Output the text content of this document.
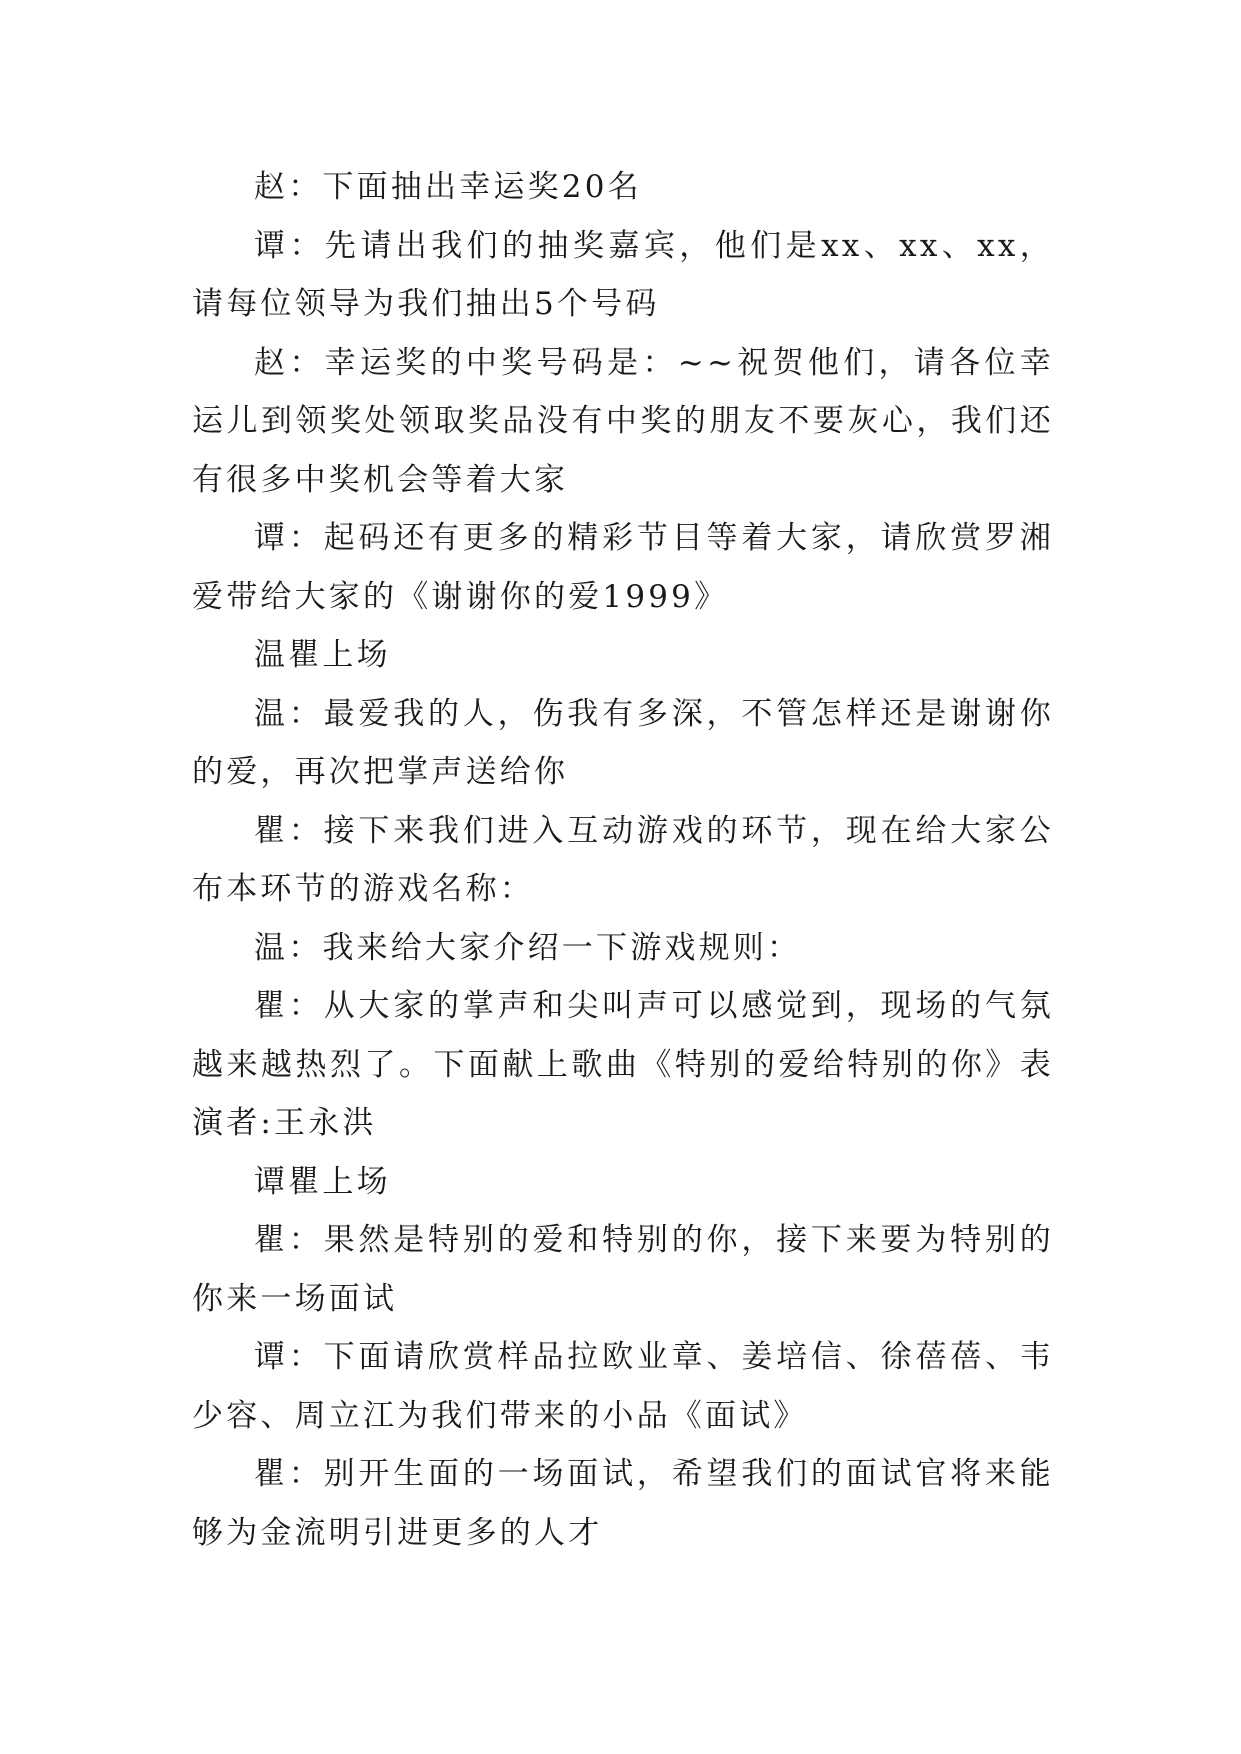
赵：下面抽出幸运奖20名

谭：先请出我们的抽奖嘉宾，他们是xx、xx、xx，请每位领导为我们抽出5个号码

赵：幸运奖的中奖号码是：~~祝贺他们，请各位幸运儿到领奖处领取奖品没有中奖的朋友不要灰心，我们还有很多中奖机会等着大家

谭：起码还有更多的精彩节目等着大家，请欣赏罗湘爱带给大家的《谢谢你的爱1999》

温瞿上场

温：最爱我的人，伤我有多深，不管怎样还是谢谢你的爱，再次把掌声送给你

瞿：接下来我们进入互动游戏的环节，现在给大家公布本环节的游戏名称：

温：我来给大家介绍一下游戏规则：

瞿：从大家的掌声和尖叫声可以感觉到，现场的气氛越来越热烈了。下面献上歌曲《特别的爱给特别的你》表演者:王永洪

谭瞿上场

瞿：果然是特别的爱和特别的你，接下来要为特别的你来一场面试

谭：下面请欣赏样品拉欧业章、姜培信、徐蓓蓓、韦少容、周立江为我们带来的小品《面试》

瞿：别开生面的一场面试，希望我们的面试官将来能够为金流明引进更多的人才
